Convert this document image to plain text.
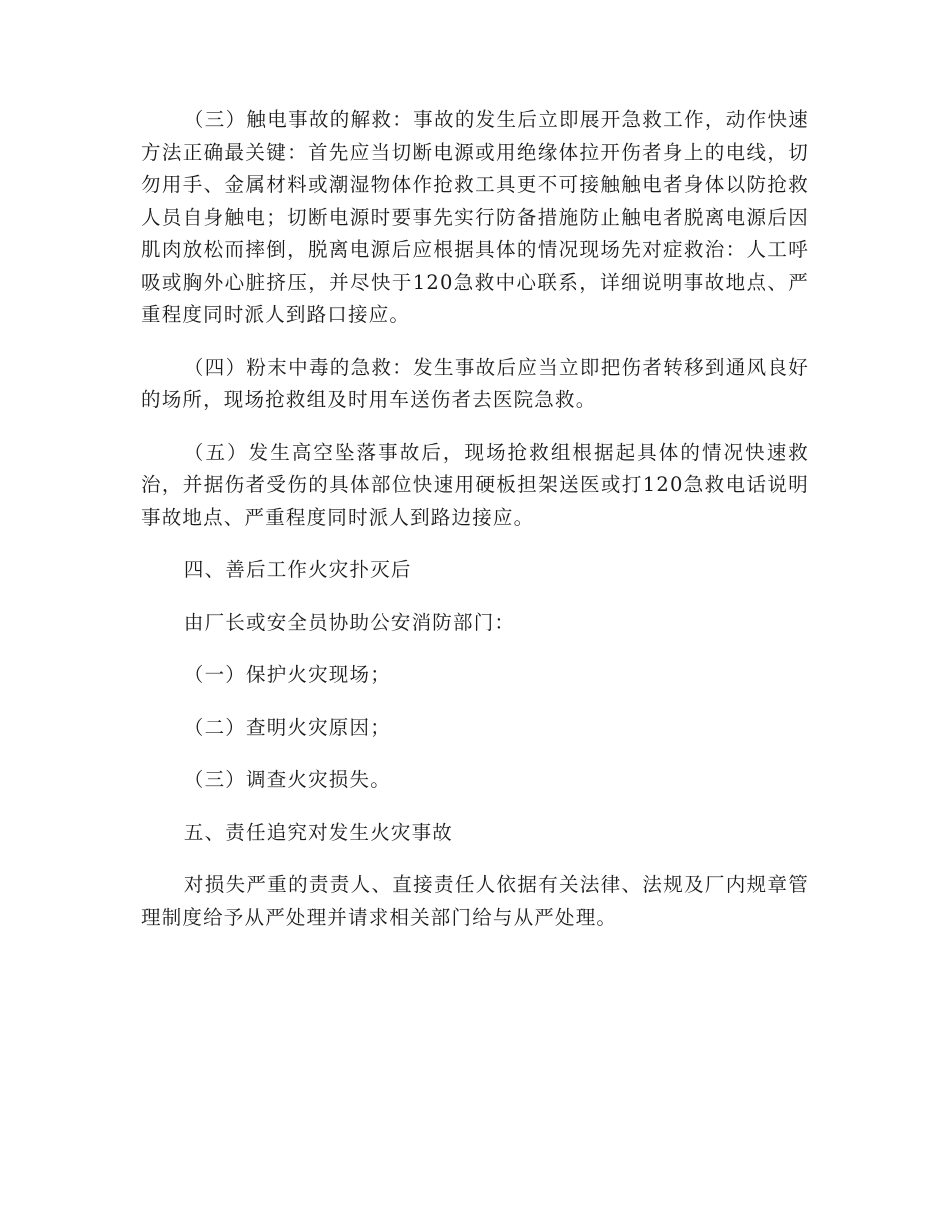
（三）触电事故的解救：事故的发生后立即展开急救工作，动作快速方法正确最关键：首先应当切断电源或用绝缘体拉开伤者身上的电线，切勿用手、金属材料或潮湿物体作抢救工具更不可接触触电者身体以防抢救人员自身触电；切断电源时要事先实行防备措施防止触电者脱离电源后因肌肉放松而摔倒，脱离电源后应根据具体的情况现场先对症救治：人工呼吸或胸外心脏挤压，并尽快于120急救中心联系，详细说明事故地点、严重程度同时派人到路口接应。

（四）粉末中毒的急救：发生事故后应当立即把伤者转移到通风良好的场所，现场抢救组及时用车送伤者去医院急救。

（五）发生高空坠落事故后，现场抢救组根据起具体的情况快速救治，并据伤者受伤的具体部位快速用硬板担架送医或打120急救电话说明事故地点、严重程度同时派人到路边接应。

四、善后工作火灾扑灭后

由厂长或安全员协助公安消防部门：

（一）保护火灾现场；

（二）查明火灾原因；

（三）调查火灾损失。

五、责任追究对发生火灾事故

对损失严重的责责人、直接责任人依据有关法律、法规及厂内规章管理制度给予从严处理并请求相关部门给与从严处理。
